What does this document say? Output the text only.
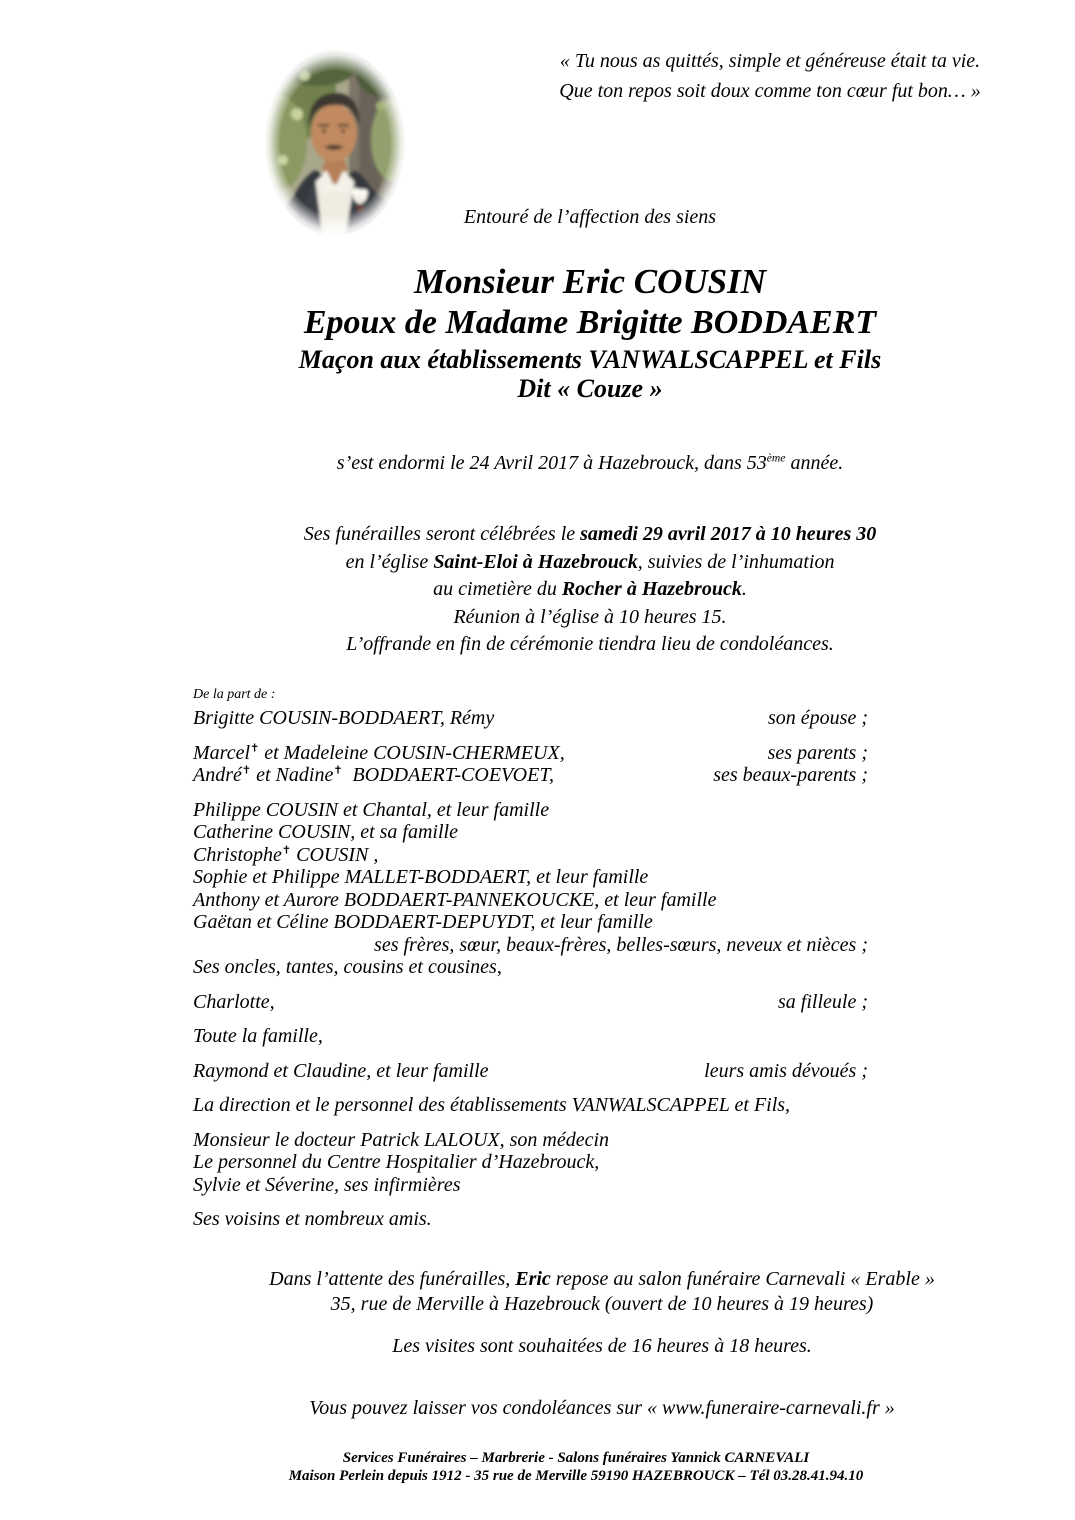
« Tu nous as quittés, simple et généreuse était ta vie.
Que ton repos soit doux comme ton cœur fut bon… »
Entouré de l’affection des siens
Monsieur Eric COUSIN
Epoux de Madame Brigitte BODDAERT
Maçon aux établissements VANWALSCAPPEL et Fils
Dit « Couze »
s’est endormi le 24 Avril 2017 à Hazebrouck, dans 53ème année.
Ses funérailles seront célébrées le samedi 29 avril 2017 à 10 heures 30
en l’église Saint-Eloi à Hazebrouck, suivies de l’inhumation
au cimetière du Rocher à Hazebrouck.
Réunion à l’église à 10 heures 15.
L’offrande en fin de cérémonie tiendra lieu de condoléances.
De la part de :
Brigitte COUSIN-BODDAERT, Rémy	son épouse ;
Marcel✝ et Madeleine COUSIN-CHERMEUX,	ses parents ;
André✝ et Nadine✝  BODDAERT-COEVOET,	ses beaux-parents ;
Philippe COUSIN et Chantal, et leur famille
Catherine COUSIN, et sa famille
Christophe✝ COUSIN ,
Sophie et Philippe MALLET-BODDAERT, et leur famille
Anthony et Aurore BODDAERT-PANNEKOUCKE, et leur famille
Gaëtan et Céline BODDAERT-DEPUYDT, et leur famille
ses frères, sœur, beaux-frères, belles-sœurs, neveux et nièces ;
Ses oncles, tantes, cousins et cousines,
Charlotte,	sa filleule ;
Toute la famille,
Raymond et Claudine, et leur famille	leurs amis dévoués ;
La direction et le personnel des établissements VANWALSCAPPEL et Fils,
Monsieur le docteur Patrick LALOUX, son médecin
Le personnel du Centre Hospitalier d’Hazebrouck,
Sylvie et Séverine, ses infirmières
Ses voisins et nombreux amis.
Dans l’attente des funérailles, Eric repose au salon funéraire Carnevali « Erable »
35, rue de Merville à Hazebrouck (ouvert de 10 heures à 19 heures)
Les visites sont souhaitées de 16 heures à 18 heures.
Vous pouvez laisser vos condoléances sur « www.funeraire-carnevali.fr »
Services Funéraires – Marbrerie - Salons funéraires Yannick CARNEVALI
Maison Perlein depuis 1912 - 35 rue de Merville 59190 HAZEBROUCK – Tél 03.28.41.94.10
